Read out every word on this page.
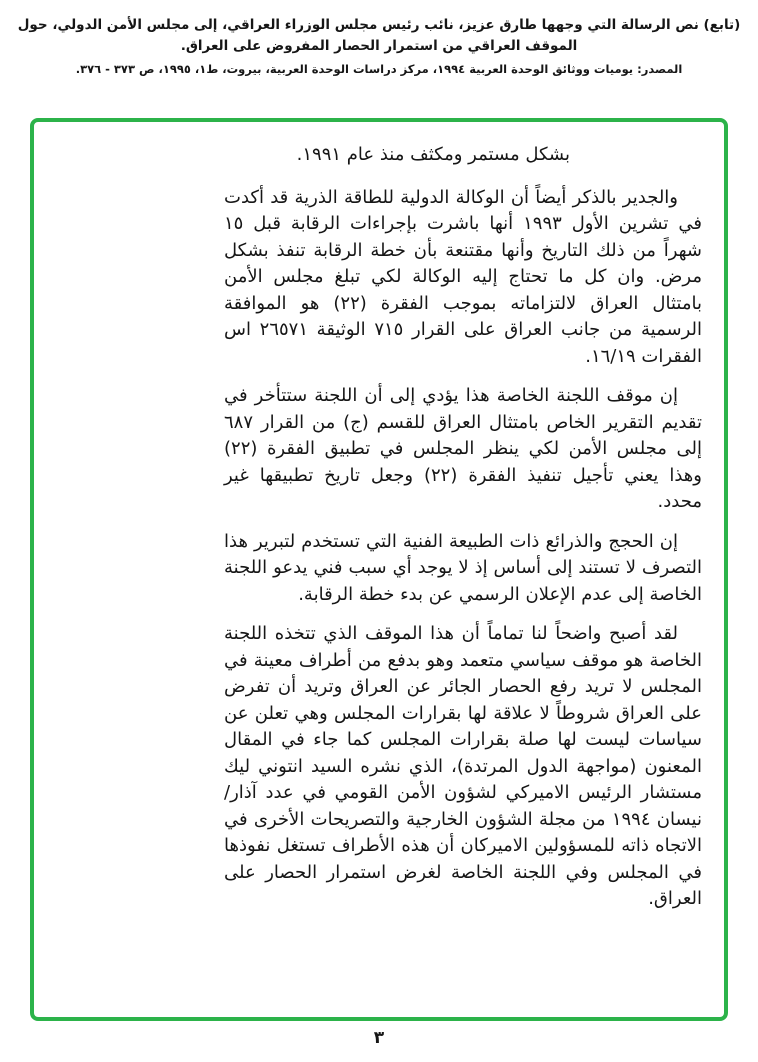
(تابع) نص الرسالة التي وجهها طارق عزيز، نائب رئيس مجلس الوزراء العراقي، إلى مجلس الأمن الدولي، حول
الموقف العراقي من استمرار الحصار المفروض على العراق.
المصدر: يوميات ووثائق الوحدة العربية ١٩٩٤، مركز دراسات الوحدة العربية، بيروت، ط١، ١٩٩٥، ص ٣٧٣ - ٣٧٦.

بشكل مستمر ومكثف منذ عام ١٩٩١.

والجدير بالذكر أيضاً أن الوكالة الدولية للطاقة الذرية قد أكدت في تشرين الأول ١٩٩٣ أنها باشرت بإجراءات الرقابة قبل ١٥ شهراً من ذلك التاريخ وأنها مقتنعة بأن خطة الرقابة تنفذ بشكل مرض. وان كل ما تحتاج إليه الوكالة لكي تبلغ مجلس الأمن بامتثال العراق لالتزاماته بموجب الفقرة (٢٢) هو الموافقة الرسمية من جانب العراق على القرار ٧١٥ الوثيقة ٢٦٥٧١ اس الفقرات ١٦/١٩.

إن موقف اللجنة الخاصة هذا يؤدي إلى أن اللجنة ستتأخر في تقديم التقرير الخاص بامتثال العراق للقسم (ج) من القرار ٦٨٧ إلى مجلس الأمن لكي ينظر المجلس في تطبيق الفقرة (٢٢) وهذا يعني تأجيل تنفيذ الفقرة (٢٢) وجعل تاريخ تطبيقها غير محدد.

إن الحجج والذرائع ذات الطبيعة الفنية التي تستخدم لتبرير هذا التصرف لا تستند إلى أساس إذ لا يوجد أي سبب فني يدعو اللجنة الخاصة إلى عدم الإعلان الرسمي عن بدء خطة الرقابة.

لقد أصبح واضحاً لنا تماماً أن هذا الموقف الذي تتخذه اللجنة الخاصة هو موقف سياسي متعمد وهو بدفع من أطراف معينة في المجلس لا تريد رفع الحصار الجائر عن العراق وتريد أن تفرض على العراق شروطاً لا علاقة لها بقرارات المجلس وهي تعلن عن سياسات ليست لها صلة بقرارات المجلس كما جاء في المقال المعنون (مواجهة الدول المرتدة)، الذي نشره السيد انتوني ليك مستشار الرئيس الاميركي لشؤون الأمن القومي في عدد آذار/نيسان ١٩٩٤ من مجلة الشؤون الخارجية والتصريحات الأخرى في الاتجاه ذاته للمسؤولين الاميركان أن هذه الأطراف تستغل نفوذها في المجلس وفي اللجنة الخاصة لغرض استمرار الحصار على العراق.

٣
